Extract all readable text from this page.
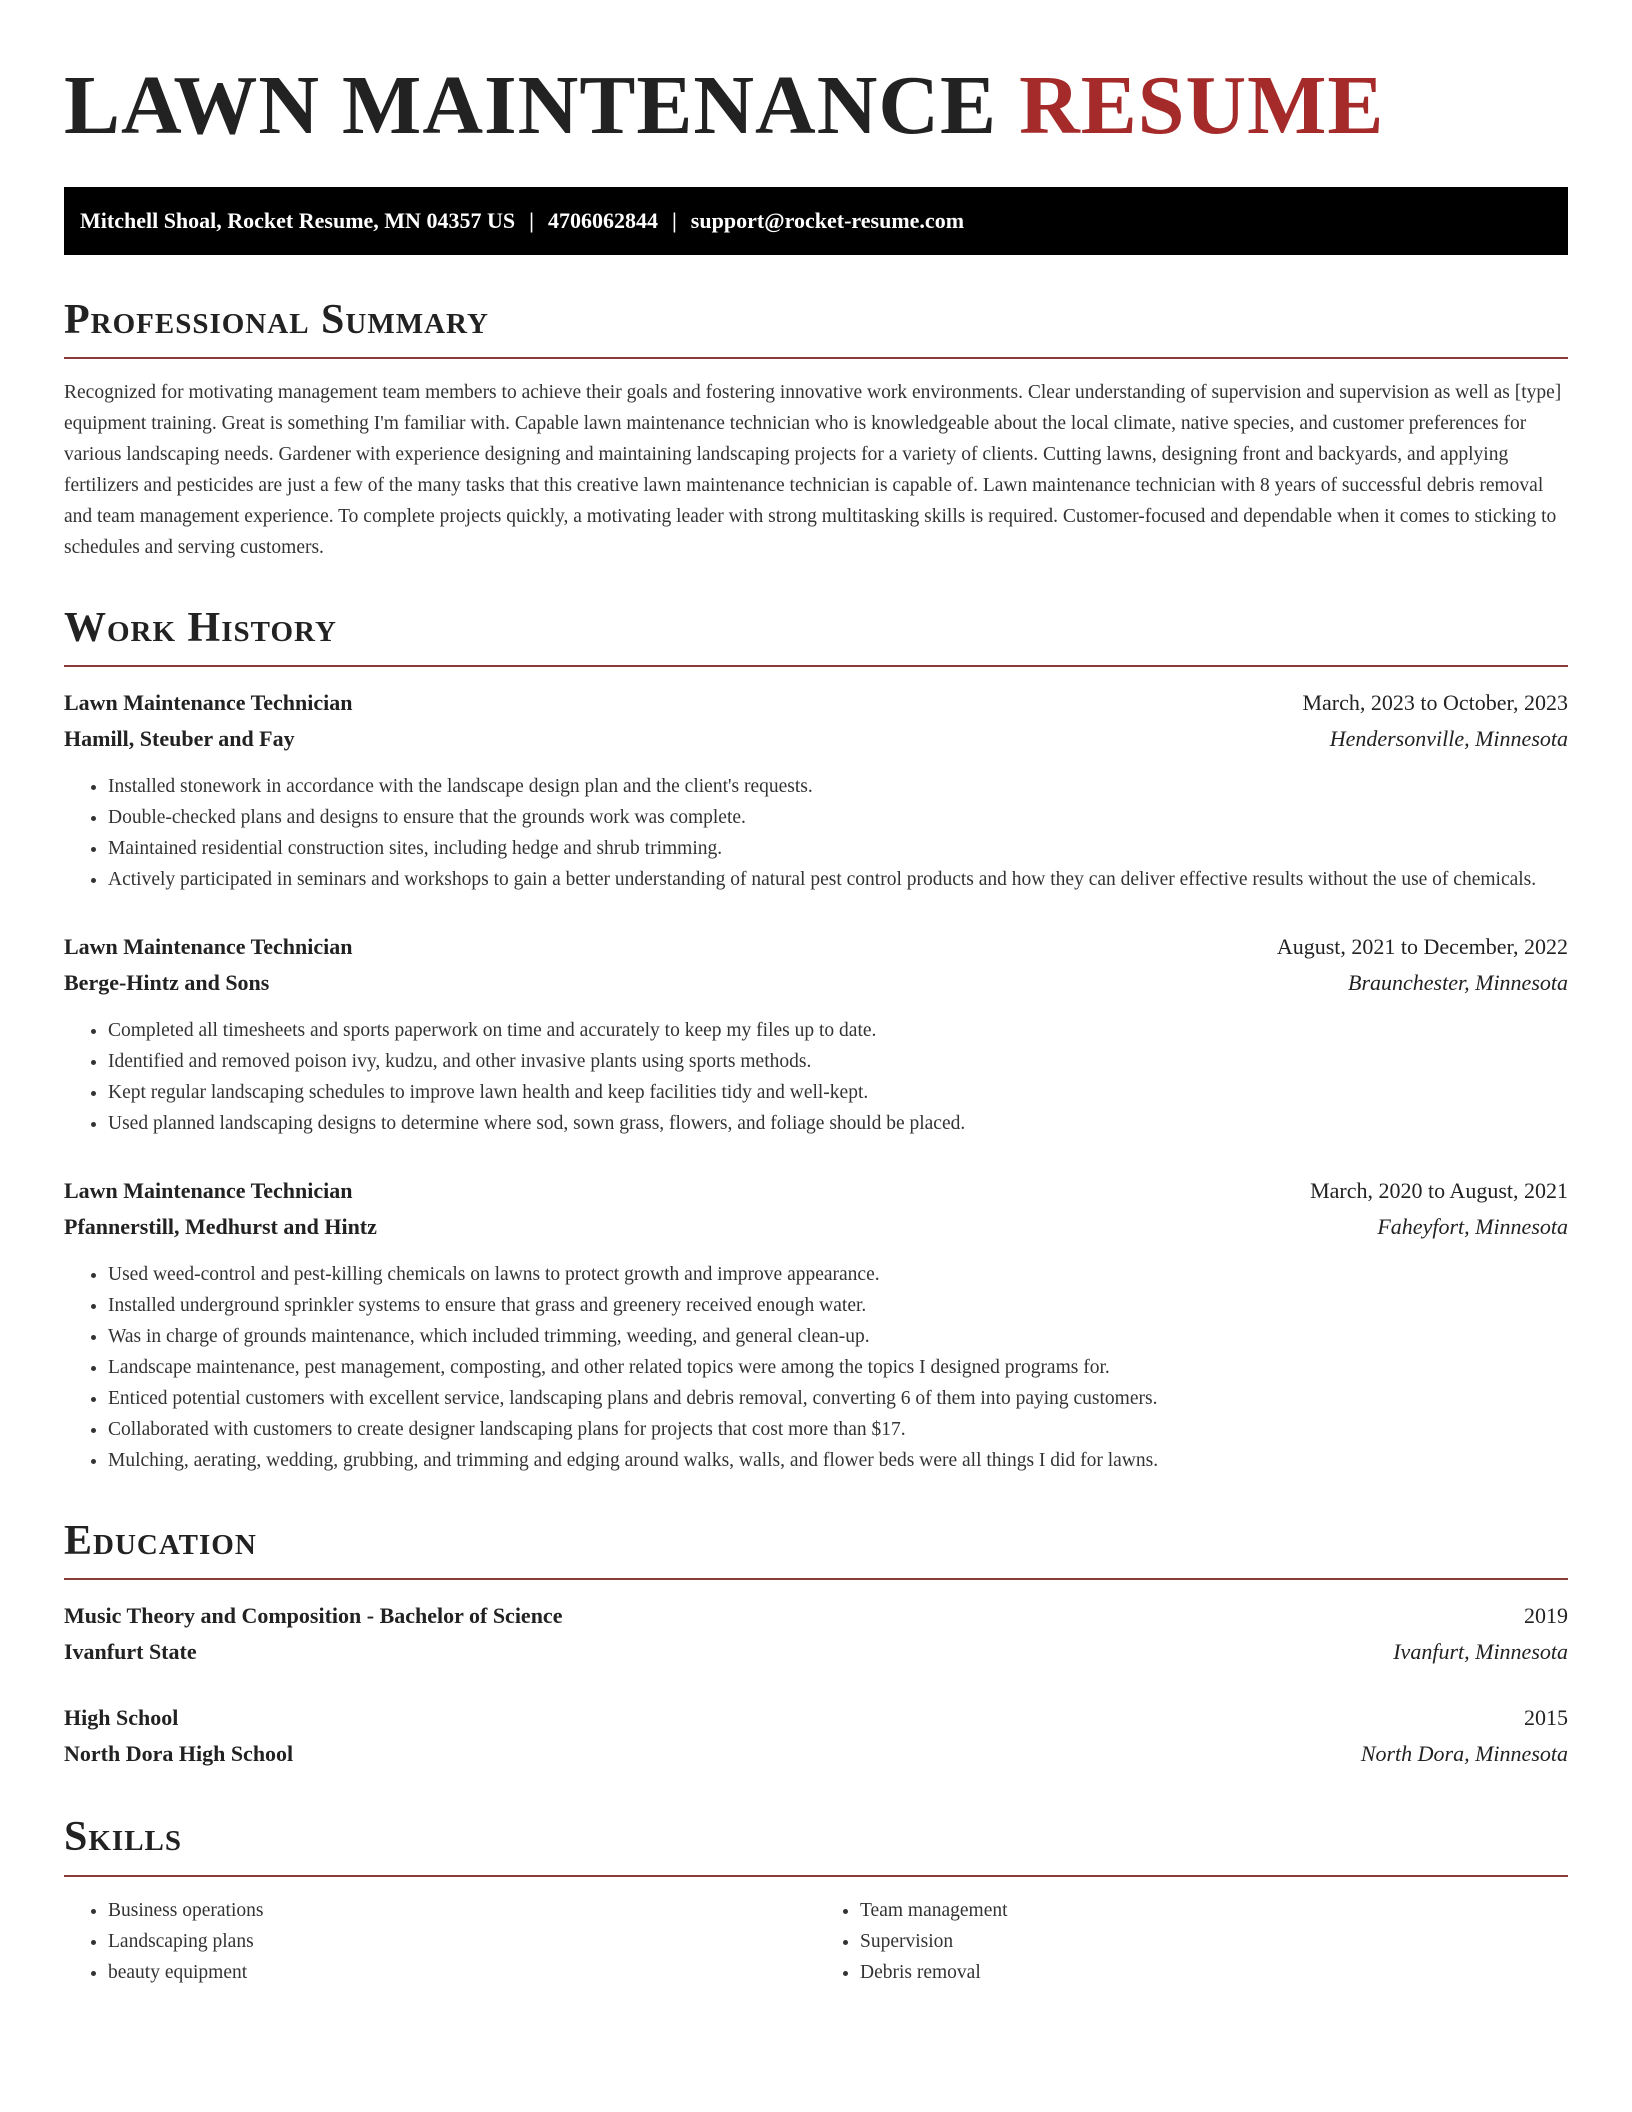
LAWN MAINTENANCE RESUME
Mitchell Shoal, Rocket Resume, MN 04357 US | 4706062844 | support@rocket-resume.com
Professional Summary

Recognized for motivating management team members to achieve their goals and fostering innovative work environments. Clear understanding of supervision and supervision as well as [type] equipment training. Great is something I'm familiar with. Capable lawn maintenance technician who is knowledgeable about the local climate, native species, and customer preferences for various landscaping needs. Gardener with experience designing and maintaining landscaping projects for a variety of clients. Cutting lawns, designing front and backyards, and applying fertilizers and pesticides are just a few of the many tasks that this creative lawn maintenance technician is capable of. Lawn maintenance technician with 8 years of successful debris removal and team management experience. To complete projects quickly, a motivating leader with strong multitasking skills is required. Customer-focused and dependable when it comes to sticking to schedules and serving customers.

Work History
Lawn Maintenance Technician	March, 2023 to October, 2023
Hamill, Steuber and Fay	Hendersonville, Minnesota
• Installed stonework in accordance with the landscape design plan and the client's requests.
• Double-checked plans and designs to ensure that the grounds work was complete.
• Maintained residential construction sites, including hedge and shrub trimming.
• Actively participated in seminars and workshops to gain a better understanding of natural pest control products and how they can deliver effective results without the use of chemicals.
Lawn Maintenance Technician	August, 2021 to December, 2022
Berge-Hintz and Sons	Braunchester, Minnesota
• Completed all timesheets and sports paperwork on time and accurately to keep my files up to date.
• Identified and removed poison ivy, kudzu, and other invasive plants using sports methods.
• Kept regular landscaping schedules to improve lawn health and keep facilities tidy and well-kept.
• Used planned landscaping designs to determine where sod, sown grass, flowers, and foliage should be placed.
Lawn Maintenance Technician	March, 2020 to August, 2021
Pfannerstill, Medhurst and Hintz	Faheyfort, Minnesota
• Used weed-control and pest-killing chemicals on lawns to protect growth and improve appearance.
• Installed underground sprinkler systems to ensure that grass and greenery received enough water.
• Was in charge of grounds maintenance, which included trimming, weeding, and general clean-up.
• Landscape maintenance, pest management, composting, and other related topics were among the topics I designed programs for.
• Enticed potential customers with excellent service, landscaping plans and debris removal, converting 6 of them into paying customers.
• Collaborated with customers to create designer landscaping plans for projects that cost more than $17.
• Mulching, aerating, wedding, grubbing, and trimming and edging around walks, walls, and flower beds were all things I did for lawns.
Education
Music Theory and Composition - Bachelor of Science	2019
Ivanfurt State	Ivanfurt, Minnesota
High School	2015
North Dora High School	North Dora, Minnesota
Skills
• Business operations
• Landscaping plans
• beauty equipment
• Team management
• Supervision
• Debris removal
